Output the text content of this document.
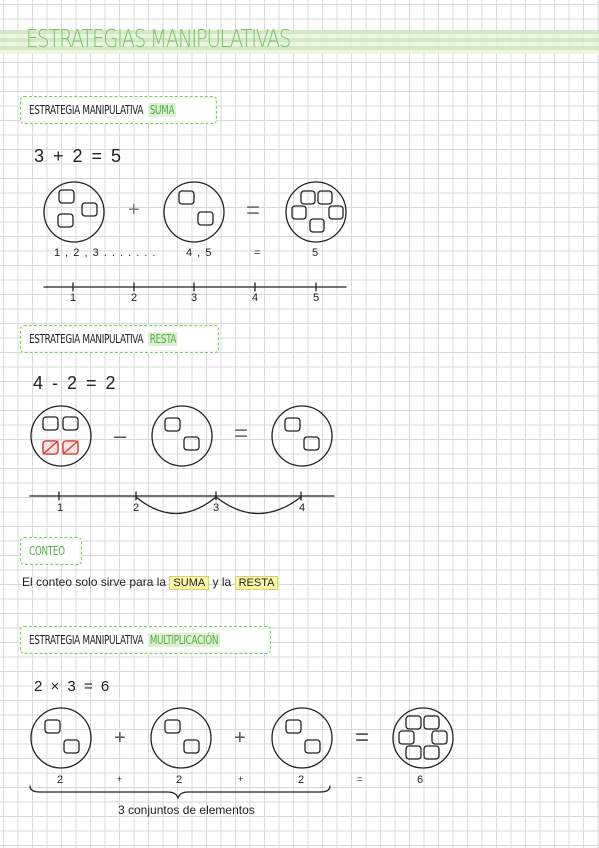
ESTRATEGIAS MANIPULATIVAS
ESTRATEGIA MANIPULATIVA SUMA
3 + 2 = 5
+	=
1 , 2 , 3 . . . . . . .	4 , 5	=	5
1	2	3	4	5
ESTRATEGIA MANIPULATIVA RESTA
4 - 2 = 2
–	=
1	2	3	4
CONTEO
El conteo solo sirve para la SUMA y la RESTA
ESTRATEGIA MANIPULATIVA MULTIPLICACIÓN
2 × 3 = 6
+	+	=
2	+	2	+	2	=	6
3 conjuntos de elementos
